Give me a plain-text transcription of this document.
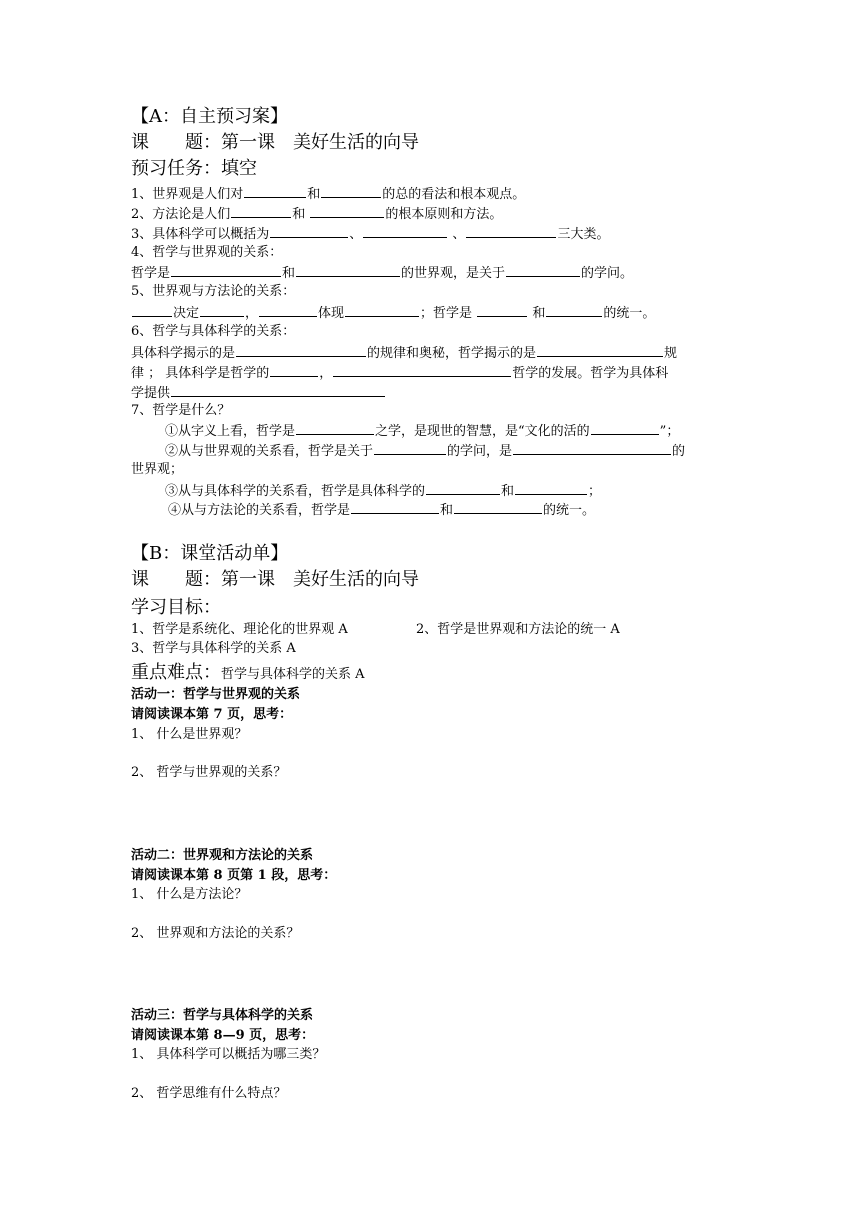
【A：自主预习案】
课　　题：第一课　美好生活的向导
预习任务：填空
1、世界观是人们对	和	的总的看法和根本观点。
2、方法论是人们	和	的根本原则和方法。
3、具体科学可以概括为	、	、	三大类。
4、哲学与世界观的关系：
哲学是	和	的世界观，是关于	的学问。
5、世界观与方法论的关系：
决定	，	体现	；哲学是	和	的统一。
6、哲学与具体科学的关系：
具体科学揭示的是	的规律和奥秘，哲学揭示的是	规
律 ； 具体科学是哲学的	，	哲学的发展。哲学为具体科
学提供
7、哲学是什么？
①从字义上看，哲学是	之学，是现世的智慧，是“文化的活的	”；
②从与世界观的关系看，哲学是关于	的学问，是	的
世界观；
③从与具体科学的关系看，哲学是具体科学的	和	；
④从与方法论的关系看，哲学是	和	的统一。
【B：课堂活动单】
课　　题：第一课　美好生活的向导
学习目标：
1、哲学是系统化、理论化的世界观 A	2、哲学是世界观和方法论的统一 A
3、哲学与具体科学的关系 A
重点难点：哲学与具体科学的关系 A
活动一：哲学与世界观的关系
请阅读课本第 7 页，思考：
1、 什么是世界观？
2、 哲学与世界观的关系？
活动二：世界观和方法论的关系
请阅读课本第 8 页第 1 段，思考：
1、 什么是方法论？
2、 世界观和方法论的关系？
活动三：哲学与具体科学的关系
请阅读课本第 8—9 页，思考：
1、 具体科学可以概括为哪三类？
2、 哲学思维有什么特点？
